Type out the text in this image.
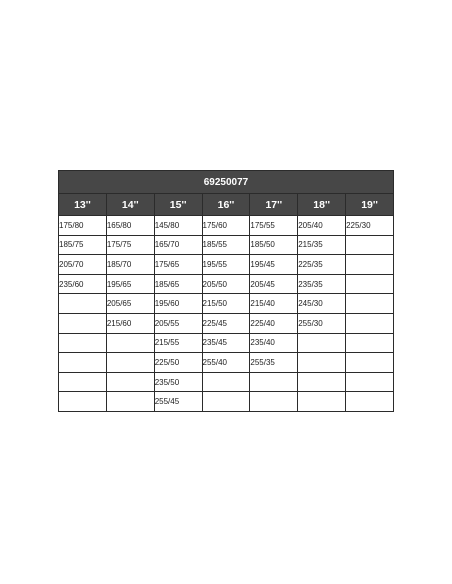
69250077						
13''	14''	15''	16''	17''	18''	19''
175/80	165/80	145/80	175/60	175/55	205/40	225/30
185/75	175/75	165/70	185/55	185/50	215/35	
205/70	185/70	175/65	195/55	195/45	225/35	
235/60	195/65	185/65	205/50	205/45	235/35	
	205/65	195/60	215/50	215/40	245/30	
	215/60	205/55	225/45	225/40	255/30	
		215/55	235/45	235/40		
		225/50	255/40	255/35		
		235/50				
		255/45				
